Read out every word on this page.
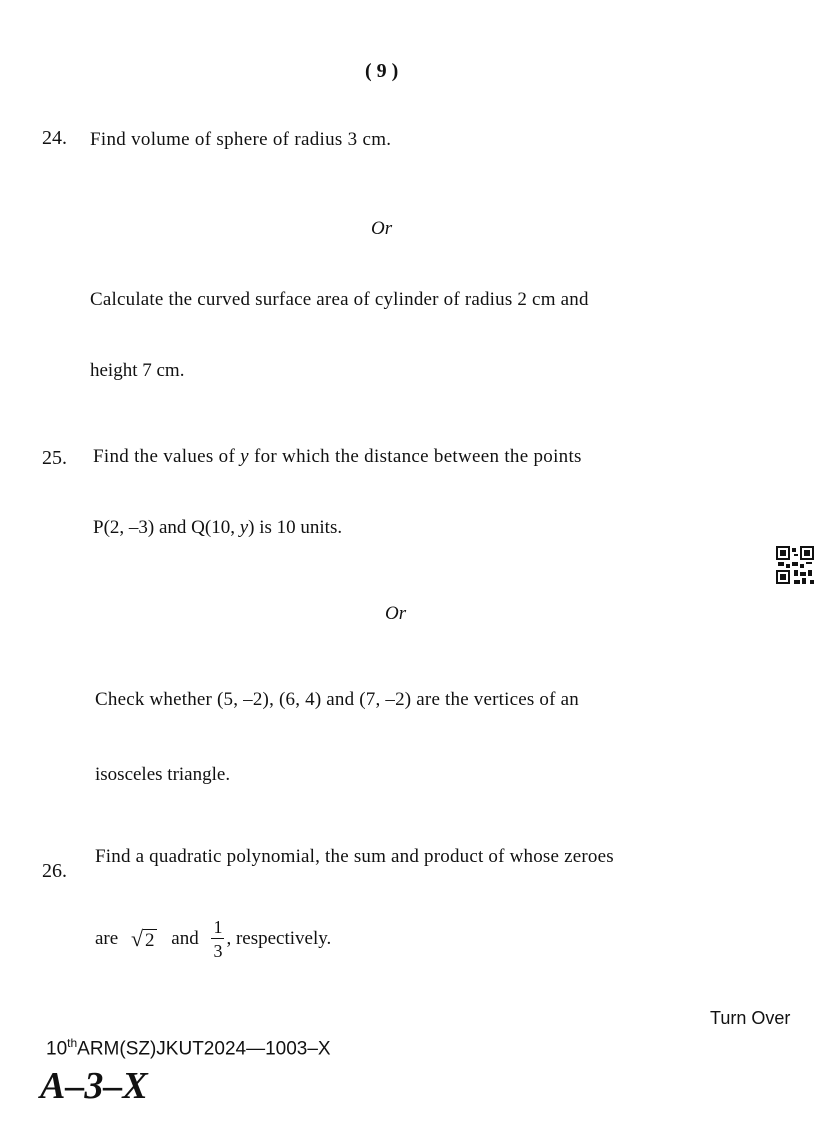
( 9 )
24. Find volume of sphere of radius 3 cm.
Or
Calculate the curved surface area of cylinder of radius 2 cm and
height 7 cm.
25. Find the values of y for which the distance between the points
P(2, –3) and Q(10, y) is 10 units.
Or
Check whether (5, –2), (6, 4) and (7, –2) are the vertices of an
isosceles triangle.
26.
Find a quadratic polynomial, the sum and product of whose zeroes
are √ 2 and $\frac{1}{3}$ , respectively.
Turn Over
10thARM(SZ)JKUT2024—1003–X
A–3–X
